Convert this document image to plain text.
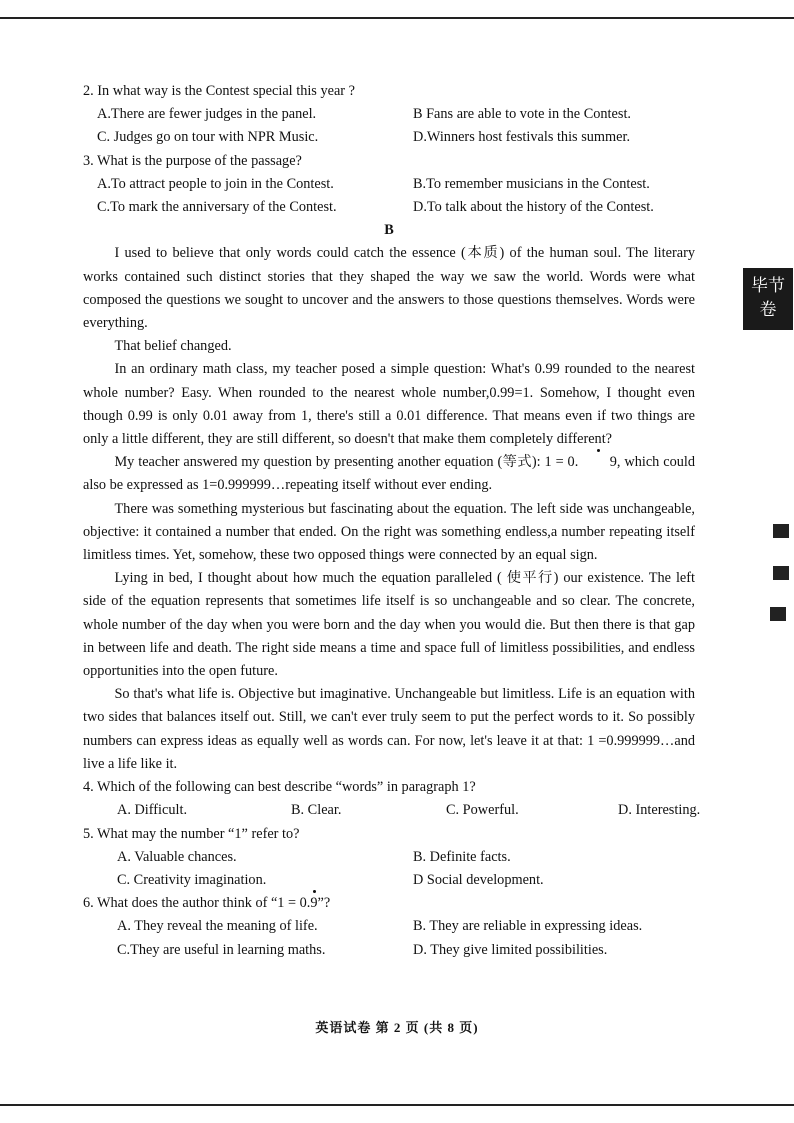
毕节
卷

2. In what way is the Contest special this year ?

A.There are fewer judges in the panel.	B Fans are able to vote in the Contest.
C. Judges go on tour with NPR Music.	D.Winners host festivals this summer.

3. What is the purpose of the passage?

A.To attract people to join in the Contest.	B.To remember musicians in the Contest.
C.To mark the anniversary of the Contest.	D.To talk about the history of the Contest.

B

I used to believe that only words could catch the essence (本质) of the human soul. The literary works contained such distinct stories that they shaped the way we saw the world. Words were what composed the questions we sought to uncover and the answers to those questions themselves. Words were everything.

That belief changed.

In an ordinary math class, my teacher posed a simple question: What's 0.99 rounded to the nearest whole number? Easy. When rounded to the nearest whole number,0.99=1. Somehow, I thought even though 0.99 is only 0.01 away from 1, there's still a 0.01 difference. That means even if two things are only a little different, they are still different, so doesn't that make them completely different?

My teacher answered my question by presenting another equation (等式): 1 = 0. 9, which could also be expressed as 1=0.999999…repeating itself without ever ending.

There was something mysterious but fascinating about the equation. The left side was unchangeable, objective: it contained a number that ended. On the right was something endless,a number repeating itself limitless times. Yet, somehow, these two opposed things were connected by an equal sign.

Lying in bed, I thought about how much the equation paralleled ( 使平行) our existence. The left side of the equation represents that sometimes life itself is so unchangeable and so clear. The concrete, whole number of the day when you were born and the day when you would die. But then there is that gap in between life and death. The right side means a time and space full of limitless possibilities, and endless opportunities into the open future.

So that's what life is. Objective but imaginative. Unchangeable but limitless. Life is an equation with two sides that balances itself out. Still, we can't ever truly seem to put the perfect words to it. So possibly numbers can express ideas as equally well as words can. For now, let's leave it at that: 1 =0.999999…and live a life like it.

4. Which of the following can best describe “words” in paragraph 1?

A. Difficult.	B. Clear.	C. Powerful.	D. Interesting.

5. What may the number “1” refer to?

A. Valuable chances.	B. Definite facts.
C. Creativity imagination.	D Social development.

6. What does the author think of “1 = 0.9”?

A. They reveal the meaning of life.	B. They are reliable in expressing ideas.
C.They are useful in learning maths.	D. They give limited possibilities.
英语试卷 第 2 页 (共 8 页)
